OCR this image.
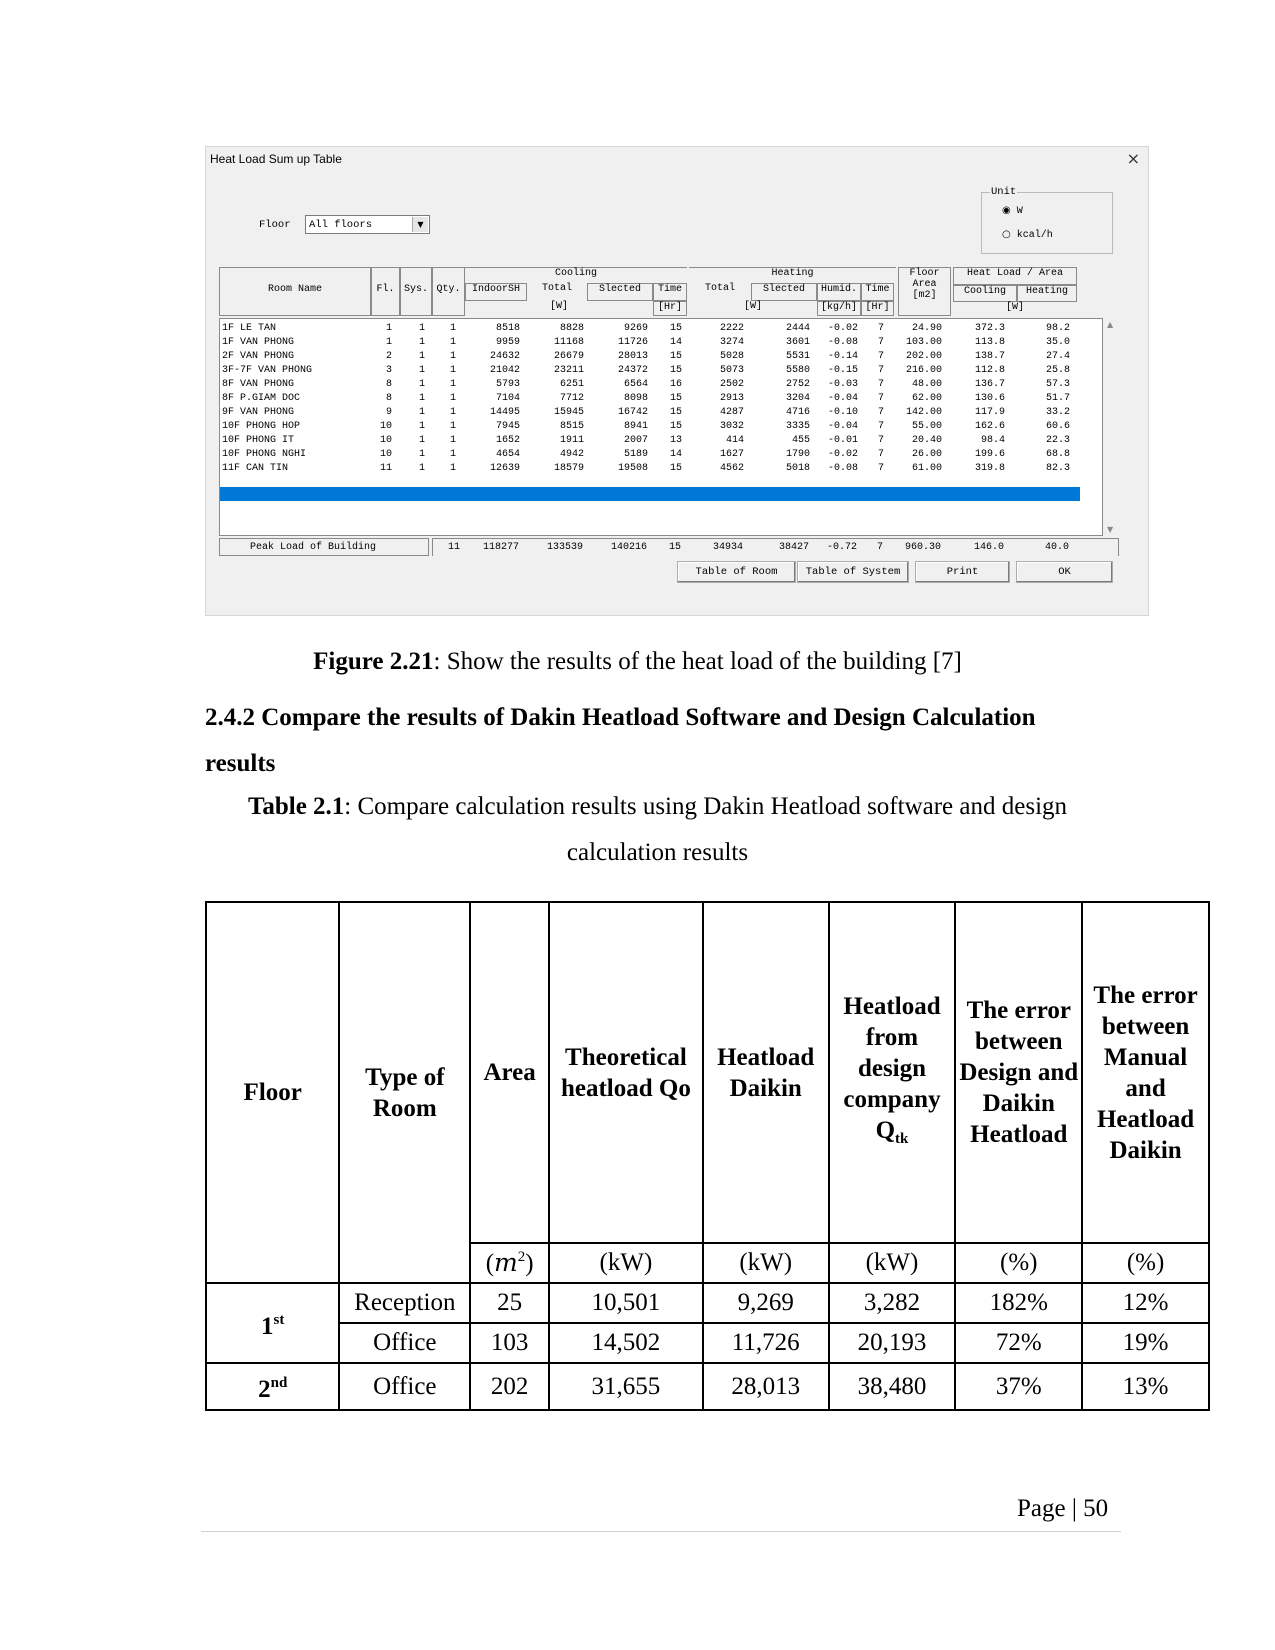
Heat Load Sum up Table	×
Floor All floors	▼
Unit
◉ W
○ kcal/h
Room Name	Fl. Sys. Qty.
Cooling
IndoorSH	Total	Slected	Time
[W]	[Hr]
Heating
Total	Slected	Humid. Time
[W]	[kg/h] [Hr]
Floor
Area
[m2]
Heat Load / Area
Cooling	Heating
[W]
1F LE TAN	1	1	1	8518	8828	9269	15	2222	2444	-0.02	7	24.90	372.3	98.2
1F VAN PHONG	1	1	1	9959	11168	11726	14	3274	3601	-0.08	7	103.00	113.8	35.0
2F VAN PHONG	2	1	1	24632	26679	28013	15	5028	5531	-0.14	7	202.00	138.7	27.4
3F-7F VAN PHONG	3	1	1	21042	23211	24372	15	5073	5580	-0.15	7	216.00	112.8	25.8
8F VAN PHONG	8	1	1	5793	6251	6564	16	2502	2752	-0.03	7	48.00	136.7	57.3
8F P.GIAM DOC	8	1	1	7104	7712	8098	15	2913	3204	-0.04	7	62.00	130.6	51.7
9F VAN PHONG	9	1	1	14495	15945	16742	15	4287	4716	-0.10	7	142.00	117.9	33.2
10F PHONG HOP	10	1	1	7945	8515	8941	15	3032	3335	-0.04	7	55.00	162.6	60.6
10F PHONG IT	10	1	1	1652	1911	2007	13	414	455	-0.01	7	20.40	98.4	22.3
10F PHONG NGHI	10	1	1	4654	4942	5189	14	1627	1790	-0.02	7	26.00	199.6	68.8
11F CAN TIN	11	1	1	12639	18579	19508	15	4562	5018	-0.08	7	61.00	319.8	82.3
▲
▼
Peak Load of Building	11	118277	133539	140216	15	34934	38427	-0.72	7	960.30	146.0	40.0
Table of Room	Table of System	Print	OK
Figure 2.21: Show the results of the heat load of the building [7]
2.4.2 Compare the results of Dakin Heatload Software and Design Calculation results
Table 2.1: Compare calculation results using Dakin Heatload software and design calculation results
Floor	Type of Room	Area	Theoretical heatload Qo	Heatload Daikin	Heatload from design company $Q_{tk}$	The error between Design and Daikin Heatload	The error between Manual and Heatload Daikin
		$(m^2)$	(kW)	(kW)	(kW)	(%)	(%)
1st	Reception	25	10,501	9,269	3,282	182%	12%
	Office	103	14,502	11,726	20,193	72%	19%
2nd	Office	202	31,655	28,013	38,480	37%	13%
Page | 50
